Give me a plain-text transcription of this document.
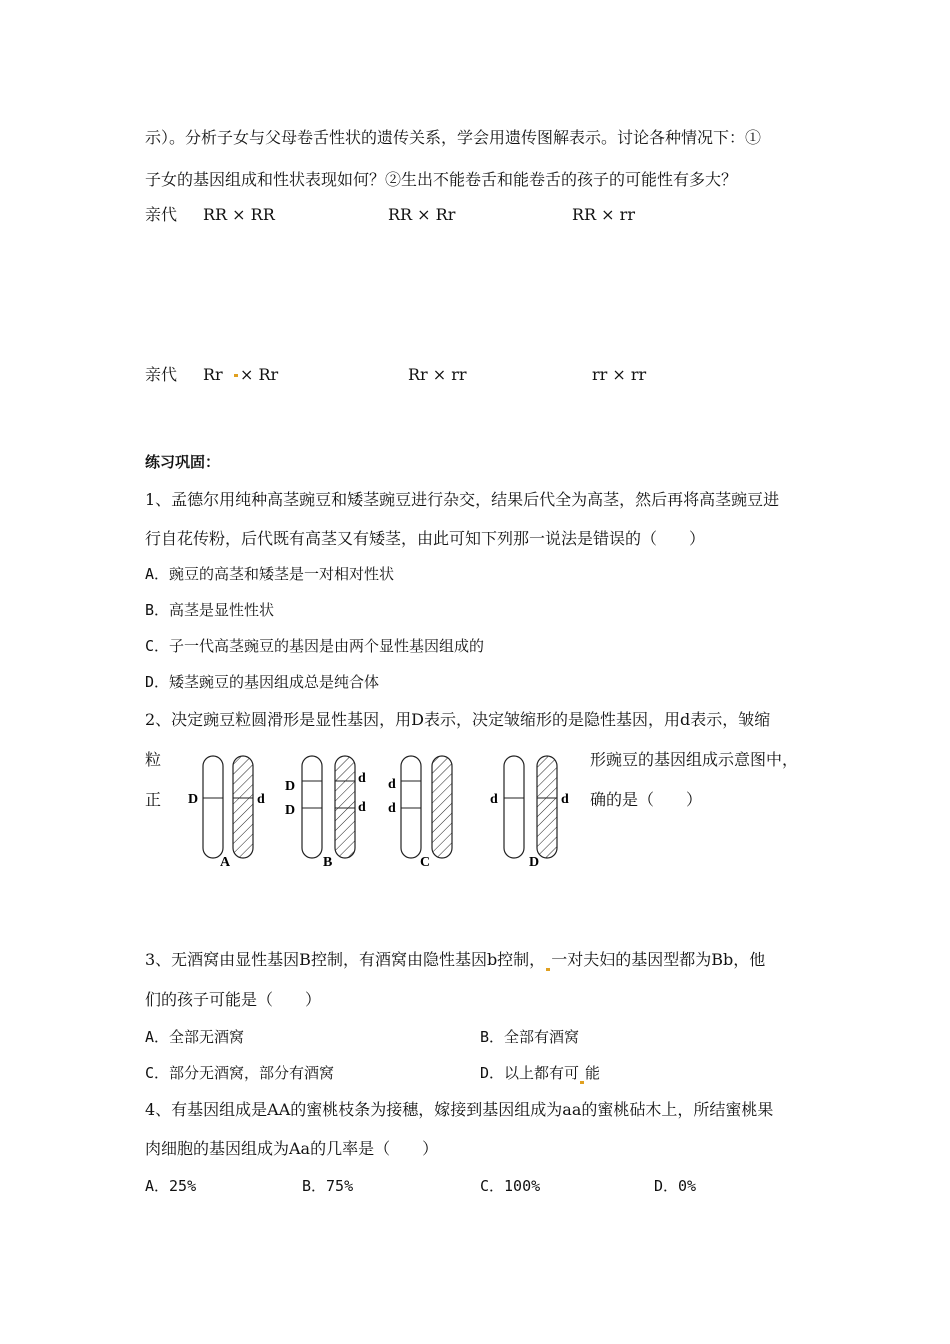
示）。分析子女与父母卷舌性状的遗传关系，学会用遗传图解表示。讨论各种情况下：①
子女的基因组成和性状表现如何？②生出不能卷舌和能卷舌的孩子的可能性有多大？
亲代 RR × RR	RR × Rr	RR × rr
亲代 Rr × Rr	Rr × rr	rr × rr
练习巩固：
1、孟德尔用纯种高茎豌豆和矮茎豌豆进行杂交，结果后代全为高茎，然后再将高茎豌豆进
行自花传粉，后代既有高茎又有矮茎，由此可知下列那一说法是错误的（　　）
A．豌豆的高茎和矮茎是一对相对性状
B．高茎是显性性状
C．子一代高茎豌豆的基因是由两个显性基因组成的
D．矮茎豌豆的基因组成总是纯合体
2、决定豌豆粒圆滑形是显性基因，用D表示，决定皱缩形的是隐性基因，用d表示，皱缩
粒
正
形豌豆的基因组成示意图中，
确的是（　　）
D	d
A
D
D
d
d
B
d
d
C
d	d
D
3、无酒窝由显性基因B控制，有酒窝由隐性基因b控制， 一对夫妇的基因型都为Bb，他
们的孩子可能是（　　）
A．全部无酒窝	B．全部有酒窝
C．部分无酒窝，部分有酒窝	D．以上都有可 能
4、有基因组成是AA的蜜桃枝条为接穗，嫁接到基因组成为aa的蜜桃砧木上，所结蜜桃果
肉细胞的基因组成为Aa的几率是（　　）
A．25%	B．75%	C．100%	D．0%
